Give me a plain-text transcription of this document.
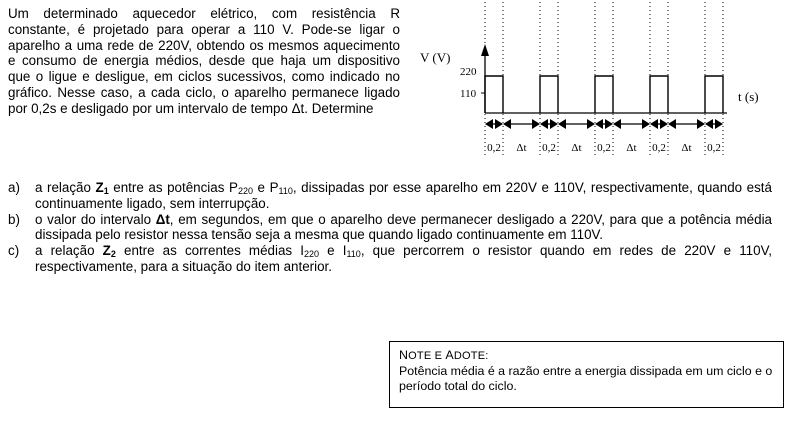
Um determinado aquecedor elétrico, com resistência R constante, é projetado para operar a 110 V. Pode-se ligar o aparelho a uma rede de 220V, obtendo os mesmos aquecimento e consumo de energia médios, desde que haja um dispositivo que o ligue e desligue, em ciclos sucessivos, como indicado no gráfico. Nesse caso, a cada ciclo, o aparelho permanece ligado por 0,2s e desligado por um intervalo de tempo Δt. Determine

V (V)
220
110	t (s)
0,2 Δt 0,2 Δt 0,2 Δt 0,2 Δt 0,2
a)	a relação $Z_1$ entre as potências $P_{220}$ e $P_{110}$, dissipadas por esse aparelho em 220V e 110V, respectivamente, quando está continuamente ligado, sem interrupção.
b)	o valor do intervalo Δt, em segundos, em que o aparelho deve permanecer desligado a 220V, para que a potência média dissipada pelo resistor nessa tensão seja a mesma que quando ligado continuamente em 110V.
c)	a relação $Z_2$ entre as correntes médias $I_{220}$ e $I_{110}$, que percorrem o resistor quando em redes de 220V e 110V, respectivamente, para a situação do item anterior.
NOTE E ADOTE:
Potência média é a razão entre a energia dissipada em um ciclo e o período total do ciclo.
